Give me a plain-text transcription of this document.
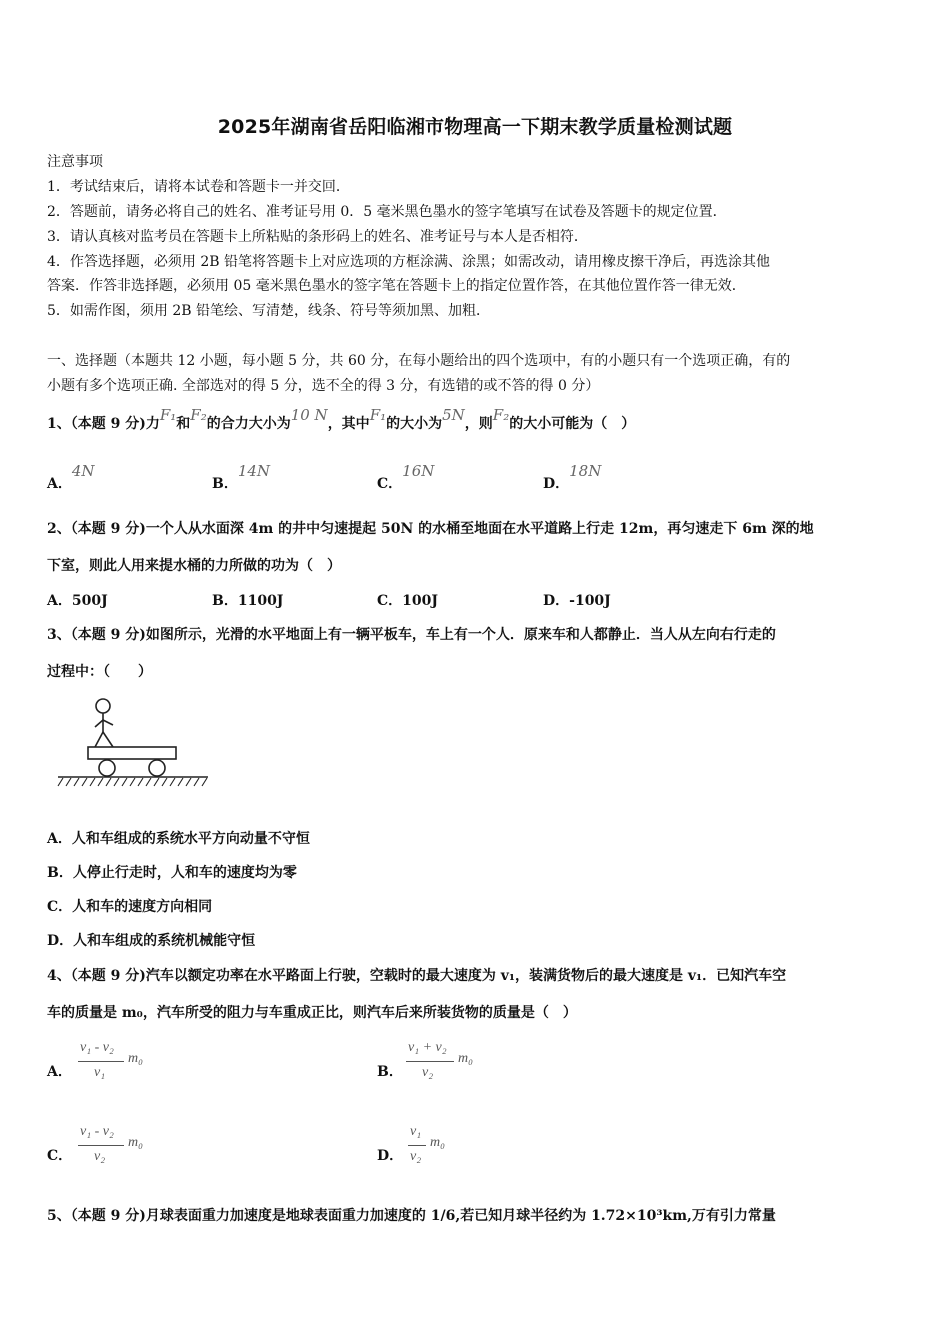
2025年湖南省岳阳临湘市物理高一下期末教学质量检测试题
注意事项
1．考试结束后，请将本试卷和答题卡一并交回．
2．答题前，请务必将自己的姓名、准考证号用 0．5 毫米黑色墨水的签字笔填写在试卷及答题卡的规定位置．
3．请认真核对监考员在答题卡上所粘贴的条形码上的姓名、准考证号与本人是否相符．
4．作答选择题，必须用 2B 铅笔将答题卡上对应选项的方框涂满、涂黑；如需改动，请用橡皮擦干净后，再选涂其他
答案．作答非选择题，必须用 05 毫米黑色墨水的签字笔在答题卡上的指定位置作答，在其他位置作答一律无效．
5．如需作图，须用 2B 铅笔绘、写清楚，线条、符号等须加黑、加粗．
一、选择题（本题共 12 小题，每小题 5 分，共 60 分，在每小题给出的四个选项中，有的小题只有一个选项正确，有的
小题有多个选项正确. 全部选对的得 5 分，选不全的得 3 分，有选错的或不答的得 0 分）
1、（本题 9 分)力F₁和F₂的合力大小为10 N，其中F₁的大小为5N，则F₂的大小可能为（　）
A．4N
B．14N
C．16N
D．18N
2、（本题 9 分)一个人从水面深 4m 的井中匀速提起 50N 的水桶至地面在水平道路上行走 12m，再匀速走下 6m 深的地
下室，则此人用来提水桶的力所做的功为（　）
A．500J	B．1100J	C．100J	D．-100J
3、（本题 9 分)如图所示，光滑的水平地面上有一辆平板车，车上有一个人．原来车和人都静止．当人从左向右行走的
过程中：（　　）
A．人和车组成的系统水平方向动量不守恒
B．人停止行走时，人和车的速度均为零
C．人和车的速度方向相同
D．人和车组成的系统机械能守恒
4、（本题 9 分)汽车以额定功率在水平路面上行驶，空载时的最大速度为 v₁，装满货物后的最大速度是 v₁．已知汽车空
车的质量是 m₀，汽车所受的阻力与车重成正比，则汽车后来所装货物的质量是（　）
A．
v₁ - v₂
v₁
m₀
B．
v₁ + v₂
v₂
m₀
C．
v₁ - v₂
v₂
m₀
D．
v₁
v₂
m₀
5、（本题 9 分)月球表面重力加速度是地球表面重力加速度的 1/6,若已知月球半径约为 1.72×10³km,万有引力常量
